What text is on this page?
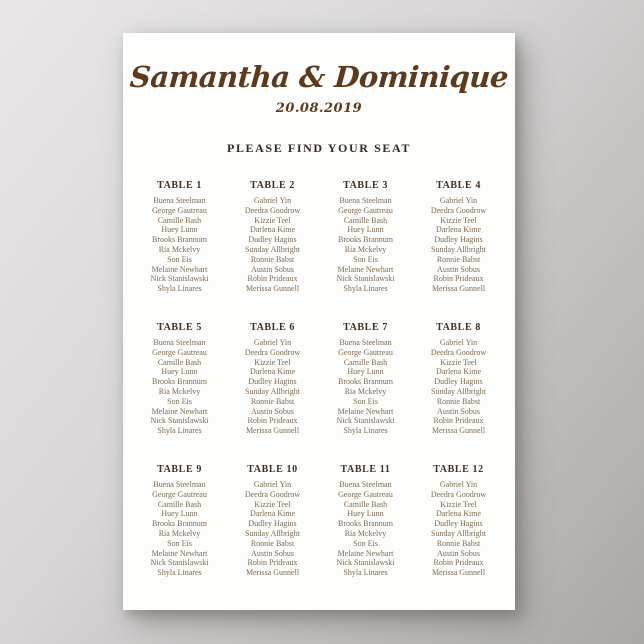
Samantha & Dominique
20.08.2019
PLEASE FIND YOUR SEAT
TABLE 1
Buena Steelman
George Gautreau
Camille Bash
Huey Lunn
Brooks Brannum
Ria Mckelvy
Son Eis
Melaine Newhart
Nick Stanislawski
Shyla Linares
TABLE 2
Gabriel Yin
Deedra Goodrow
Kizzie Teel
Darlena Kime
Dudley Hagins
Sunday Allbright
Ronnie Babst
Austin Sobus
Robin Prideaux
Merissa Gunnell
TABLE 3
Buena Steelman
George Gautreau
Camille Bash
Huey Lunn
Brooks Brannum
Ria Mckelvy
Son Eis
Melaine Newhart
Nick Stanislawski
Shyla Linares
TABLE 4
Gabriel Yin
Deedra Goodrow
Kizzie Teel
Darlena Kime
Dudley Hagins
Sunday Allbright
Ronnie Babst
Austin Sobus
Robin Prideaux
Merissa Gunnell
TABLE 5
Buena Steelman
George Gautreau
Camille Bash
Huey Lunn
Brooks Brannum
Ria Mckelvy
Son Eis
Melaine Newhart
Nick Stanislawski
Shyla Linares
TABLE 6
Gabriel Yin
Deedra Goodrow
Kizzie Teel
Darlena Kime
Dudley Hagins
Sunday Allbright
Ronnie Babst
Austin Sobus
Robin Prideaux
Merissa Gunnell
TABLE 7
Buena Steelman
George Gautreau
Camille Bash
Huey Lunn
Brooks Brannum
Ria Mckelvy
Son Eis
Melaine Newhart
Nick Stanislawski
Shyla Linares
TABLE 8
Gabriel Yin
Deedra Goodrow
Kizzie Teel
Darlena Kime
Dudley Hagins
Sunday Allbright
Ronnie Babst
Austin Sobus
Robin Prideaux
Merissa Gunnell
TABLE 9
Buena Steelman
George Gautreau
Camille Bash
Huey Lunn
Brooks Brannum
Ria Mckelvy
Son Eis
Melaine Newhart
Nick Stanislawski
Shyla Linares
TABLE 10
Gabriel Yin
Deedra Goodrow
Kizzie Teel
Darlena Kime
Dudley Hagins
Sunday Allbright
Ronnie Babst
Austin Sobus
Robin Prideaux
Merissa Gunnell
TABLE 11
Buena Steelman
George Gautreau
Camille Bash
Huey Lunn
Brooks Brannum
Ria Mckelvy
Son Eis
Melaine Newhart
Nick Stanislawski
Shyla Linares
TABLE 12
Gabriel Yin
Deedra Goodrow
Kizzie Teel
Darlena Kime
Dudley Hagins
Sunday Allbright
Ronnie Babst
Austin Sobus
Robin Prideaux
Merissa Gunnell
